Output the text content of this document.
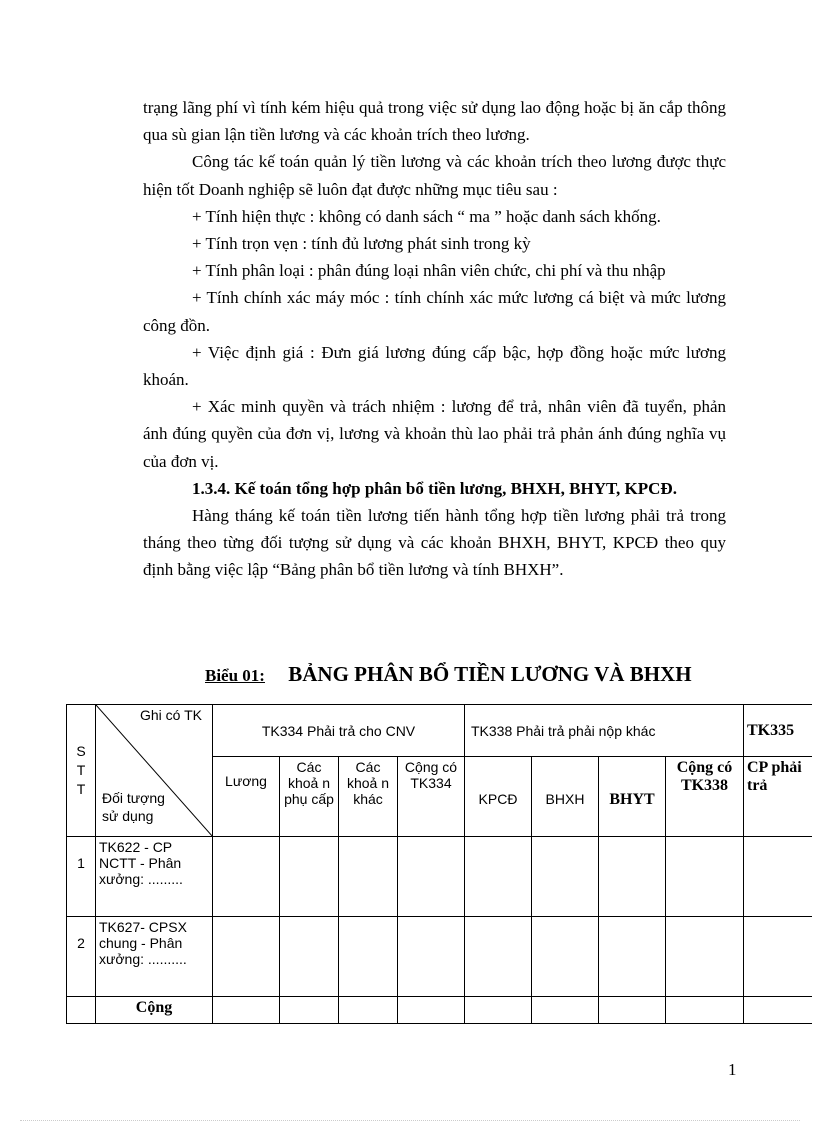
trạng lãng phí vì tính kém hiệu quả trong việc sử dụng lao động hoặc bị ăn cắp thông qua sù gian lận tiền lương và các khoản trích theo lương.

Công tác kế toán quản lý tiền lương và các khoản trích theo lương được thực hiện tốt Doanh nghiệp sẽ luôn đạt được những mục tiêu sau :

+ Tính hiện thực : không có danh sách “ ma ” hoặc danh sách khống.

+ Tính trọn vẹn : tính đủ lương phát sinh trong kỳ

+ Tính phân loại : phân đúng loại nhân viên chức, chi phí và thu nhập

+ Tính chính xác máy móc : tính chính xác mức lương cá biệt và mức lương công đồn.

+ Việc định giá : Đưn giá lương đúng cấp bậc, hợp đồng hoặc mức lương khoán.

+ Xác minh quyền và trách nhiệm : lương để trả, nhân viên đã tuyển, phản ánh đúng quyền của đơn vị, lương và khoản thù lao phải trả phản ánh đúng nghĩa vụ của đơn vị.

1.3.4. Kế toán tổng hợp phân bổ tiền lương, BHXH, BHYT, KPCĐ.

Hàng tháng kế toán tiền lương tiến hành tổng hợp tiền lương phải trả trong tháng theo từng đối tượng sử dụng và các khoản BHXH, BHYT, KPCĐ theo quy định bằng việc lập “Bảng phân bổ tiền lương và tính BHXH”.

Biểu 01: BẢNG PHÂN BỔ TIỀN LƯƠNG VÀ BHXH
S T T	Ghi có TK
Đối tượng sử dụng	TK334 Phải trả cho CNV				TK338 Phải trả phải nộp khác				TK335
		Lương	Các khoả n phụ cấp	Các khoả n khác	Cộng có TK334	KPCĐ	BHXH	BHYT	Cộng có TK338	CP phải trả
1	TK622 - CP NCTT - Phân xưởng: .........									
2	TK627- CPSX chung - Phân xưởng: ..........									
	Cộng									
1
